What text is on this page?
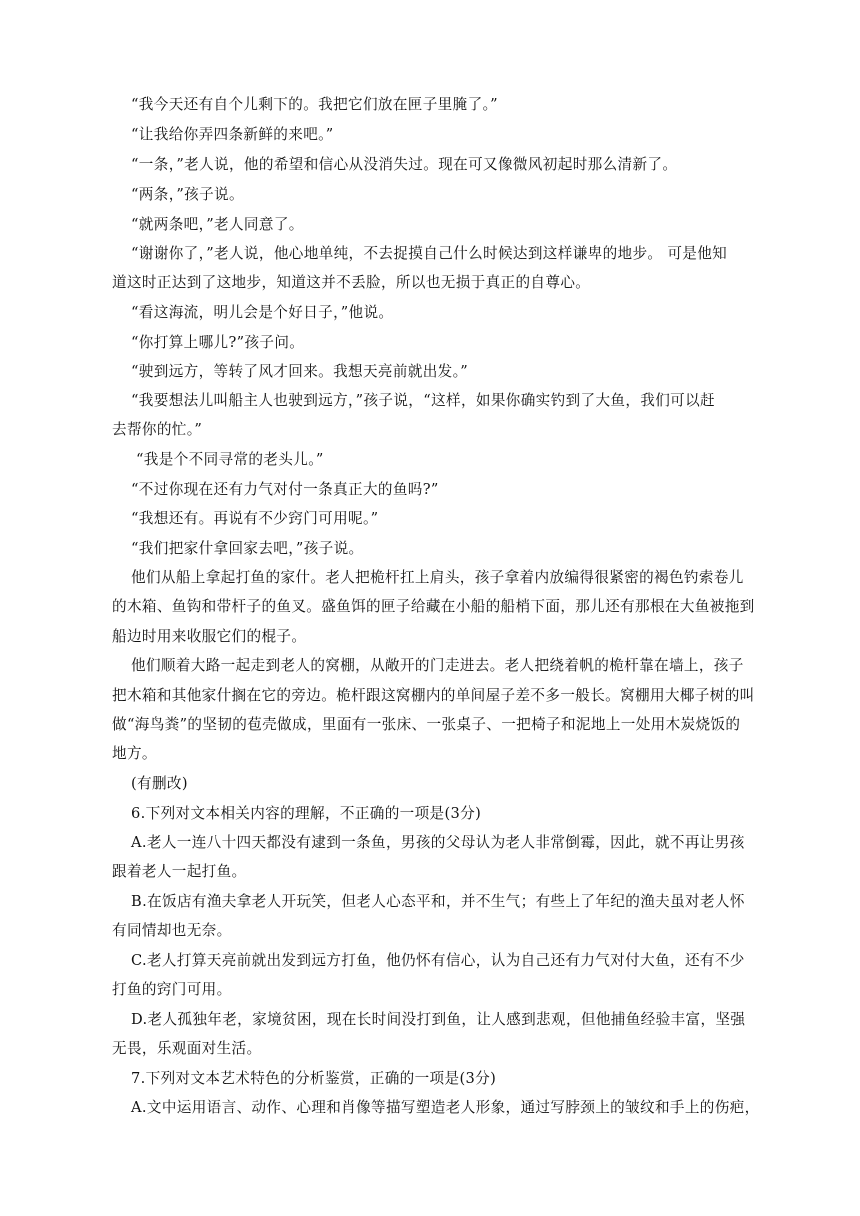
“我今天还有自个儿剩下的。我把它们放在匣子里腌了。”
“让我给你弄四条新鲜的来吧。”
“一条，”老人说，他的希望和信心从没消失过。现在可又像微风初起时那么清新了。
“两条，”孩子说。
“就两条吧，”老人同意了。
“谢谢你了，”老人说，他心地单纯，不去捉摸自己什么时候达到这样谦卑的地步。 可是他知
道这时正达到了这地步，知道这并不丢脸，所以也无损于真正的自尊心。
“看这海流，明儿会是个好日子，”他说。
“你打算上哪儿?”孩子问。
“驶到远方，等转了风才回来。我想天亮前就出发。”
“我要想法儿叫船主人也驶到远方，”孩子说，“这样，如果你确实钓到了大鱼，我们可以赶
去帮你的忙。”
“我是个不同寻常的老头儿。”
“不过你现在还有力气对付一条真正大的鱼吗?”
“我想还有。再说有不少窍门可用呢。”
“我们把家什拿回家去吧，”孩子说。
他们从船上拿起打鱼的家什。老人把桅杆扛上肩头，孩子拿着内放编得很紧密的褐色钓索卷儿
的木箱、鱼钩和带杆子的鱼叉。盛鱼饵的匣子给藏在小船的船梢下面，那儿还有那根在大鱼被拖到
船边时用来收服它们的棍子。
他们顺着大路一起走到老人的窝棚，从敞开的门走进去。老人把绕着帆的桅杆靠在墙上，孩子
把木箱和其他家什搁在它的旁边。桅杆跟这窝棚内的单间屋子差不多一般长。窝棚用大椰子树的叫
做“海鸟粪”的坚韧的苞壳做成，里面有一张床、一张桌子、一把椅子和泥地上一处用木炭烧饭的
地方。
(有删改)
6.下列对文本相关内容的理解，不正确的一项是(3分)
A.老人一连八十四天都没有逮到一条鱼，男孩的父母认为老人非常倒霉，因此，就不再让男孩
跟着老人一起打鱼。
B.在饭店有渔夫拿老人开玩笑，但老人心态平和，并不生气；有些上了年纪的渔夫虽对老人怀
有同情却也无奈。
C.老人打算天亮前就出发到远方打鱼，他仍怀有信心，认为自己还有力气对付大鱼，还有不少
打鱼的窍门可用。
D.老人孤独年老，家境贫困，现在长时间没打到鱼，让人感到悲观，但他捕鱼经验丰富，坚强
无畏，乐观面对生活。
7.下列对文本艺术特色的分析鉴赏，正确的一项是(3分)
A.文中运用语言、动作、心理和肖像等描写塑造老人形象，通过写脖颈上的皱纹和手上的伤疤，
